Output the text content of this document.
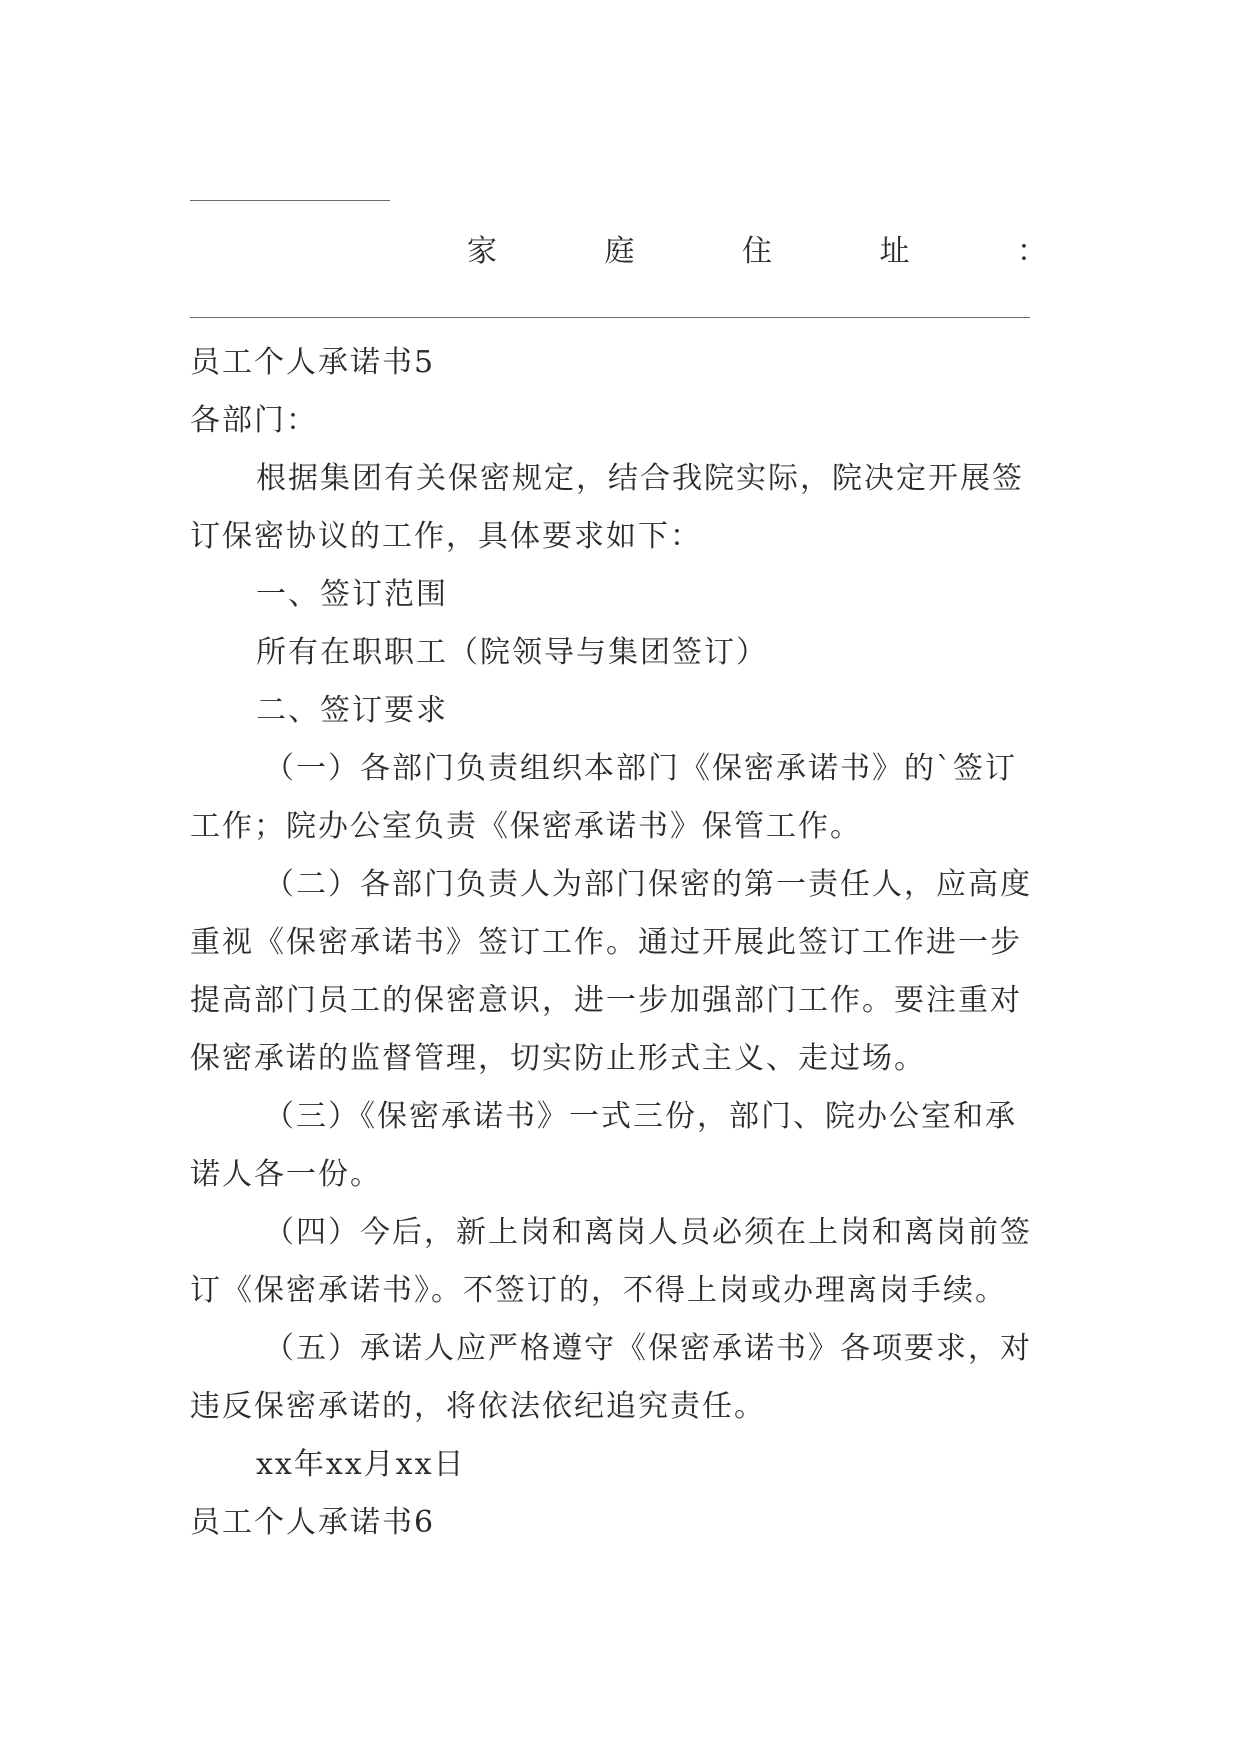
家	庭	住	址	：
员工个人承诺书5
各部门：
根据集团有关保密规定，结合我院实际，院决定开展签
订保密协议的工作，具体要求如下：
一、签订范围
所有在职职工（院领导与集团签订）
二、签订要求
（一）各部门负责组织本部门《保密承诺书》的`签订
工作；院办公室负责《保密承诺书》保管工作。
（二）各部门负责人为部门保密的第一责任人，应高度
重视《保密承诺书》签订工作。通过开展此签订工作进一步
提高部门员工的保密意识，进一步加强部门工作。要注重对
保密承诺的监督管理，切实防止形式主义、走过场。
（三）《保密承诺书》一式三份，部门、院办公室和承
诺人各一份。
（四）今后，新上岗和离岗人员必须在上岗和离岗前签
订《保密承诺书》。不签订的，不得上岗或办理离岗手续。
（五）承诺人应严格遵守《保密承诺书》各项要求，对
违反保密承诺的，将依法依纪追究责任。
xx年xx月xx日
员工个人承诺书6
